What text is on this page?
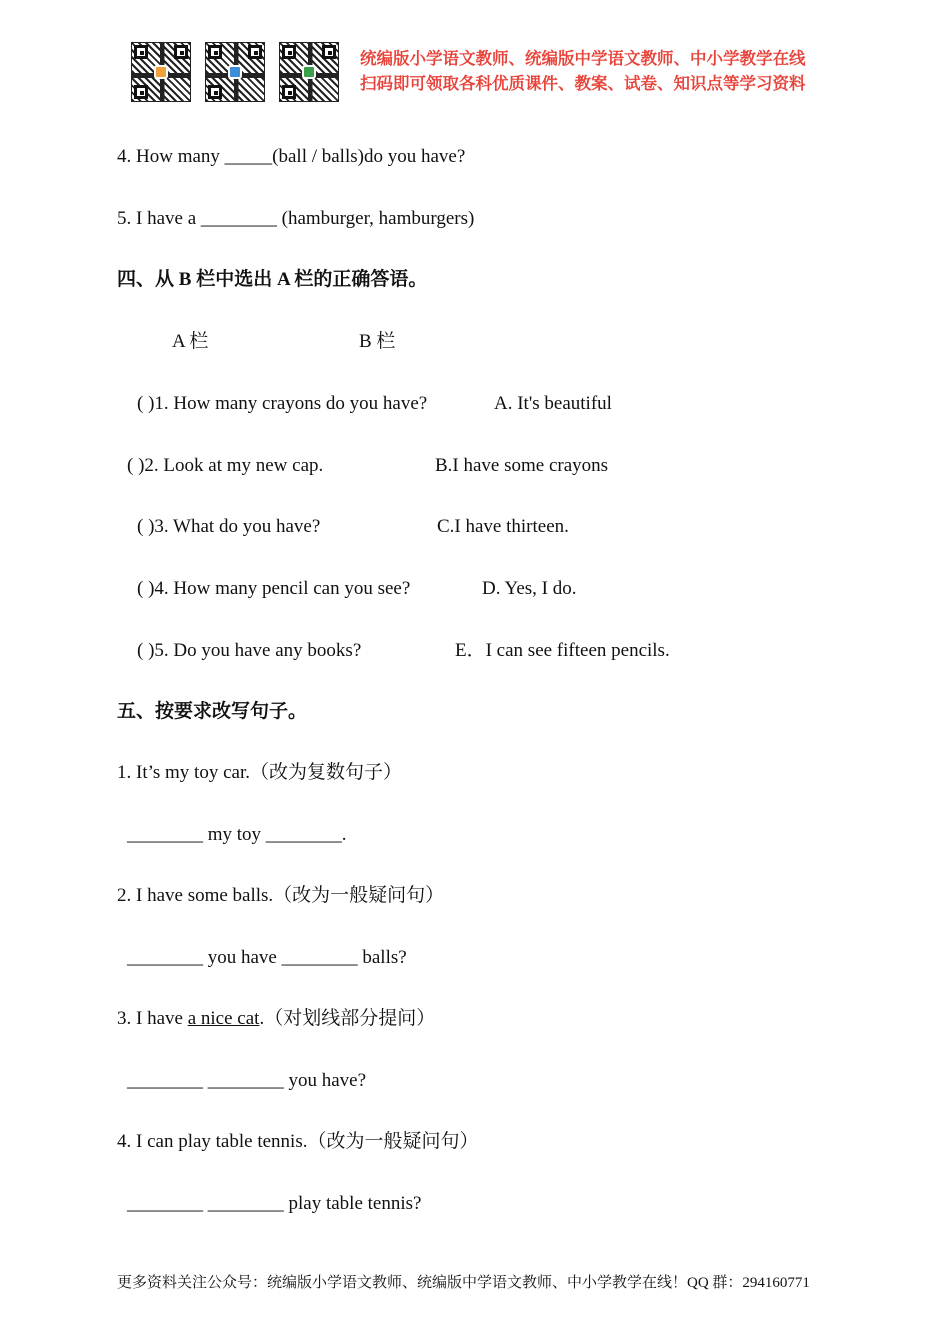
统编版小学语文教师、统编版中学语文教师、中小学教学在线
扫码即可领取各科优质课件、教案、试卷、知识点等学习资料
4. How many _____(ball / balls)do you have?
5. I have a ________ (hamburger, hamburgers)
四、从 B 栏中选出 A 栏的正确答语。
A 栏	B 栏
( )1. How many crayons do you have?	A. It's beautiful
( )2. Look at my new cap.	B.I have some crayons
( )3. What do you have?	C.I have thirteen.
( )4. How many pencil can you see?	D. Yes, I do.
( )5. Do you have any books?	E．I can see fifteen pencils.
五、按要求改写句子。
1. It’s my toy car.（改为复数句子）
________ my toy ________.
2. I have some balls.（改为一般疑问句）
________ you have ________ balls?
3. I have a nice cat.（对划线部分提问）
________ ________ you have?
4. I can play table tennis.（改为一般疑问句）
________ ________ play table tennis?
更多资料关注公众号：统编版小学语文教师、统编版中学语文教师、中小学教学在线！QQ 群：294160771
